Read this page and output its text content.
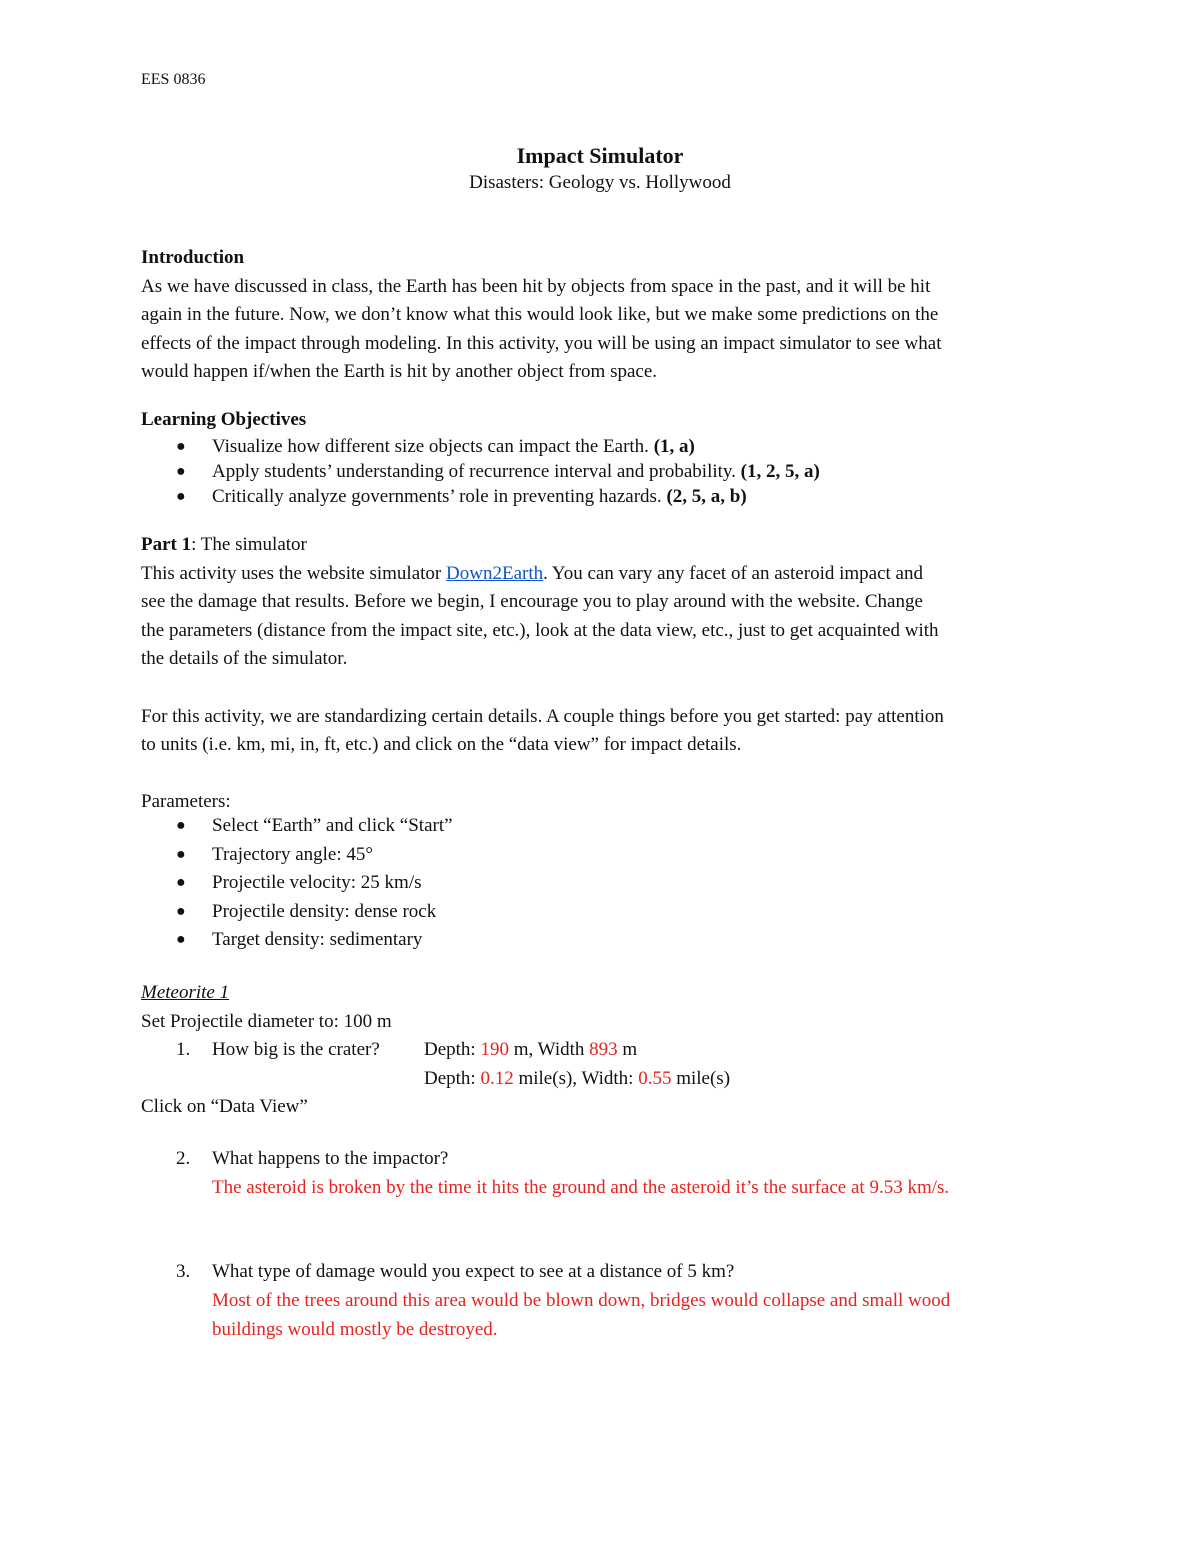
EES 0836
Impact Simulator
Disasters: Geology vs. Hollywood
Introduction
As we have discussed in class, the Earth has been hit by objects from space in the past, and it will be hit
again in the future. Now, we don’t know what this would look like, but we make some predictions on the
effects of the impact through modeling. In this activity, you will be using an impact simulator to see what
would happen if/when the Earth is hit by another object from space.
Learning Objectives
● Visualize how different size objects can impact the Earth. (1, a)
● Apply students’ understanding of recurrence interval and probability. (1, 2, 5, a)
● Critically analyze governments’ role in preventing hazards. (2, 5, a, b)
Part 1: The simulator
This activity uses the website simulator Down2Earth. You can vary any facet of an asteroid impact and
see the damage that results. Before we begin, I encourage you to play around with the website. Change
the parameters (distance from the impact site, etc.), look at the data view, etc., just to get acquainted with
the details of the simulator.
For this activity, we are standardizing certain details. A couple things before you get started: pay attention
to units (i.e. km, mi, in, ft, etc.) and click on the “data view” for impact details.
Parameters:
● Select “Earth” and click “Start”
● Trajectory angle: 45°
● Projectile velocity: 25 km/s
● Projectile density: dense rock
● Target density: sedimentary
Meteorite 1
Set Projectile diameter to: 100 m
1.	How big is the crater?	Depth: 190 m, Width 893 m
Depth: 0.12 mile(s), Width: 0.55 mile(s)
Click on “Data View”
2.	What happens to the impactor?
The asteroid is broken by the time it hits the ground and the asteroid it’s the surface at 9.53 km/s.
3.	What type of damage would you expect to see at a distance of 5 km?
Most of the trees around this area would be blown down, bridges would collapse and small wood
buildings would mostly be destroyed.
